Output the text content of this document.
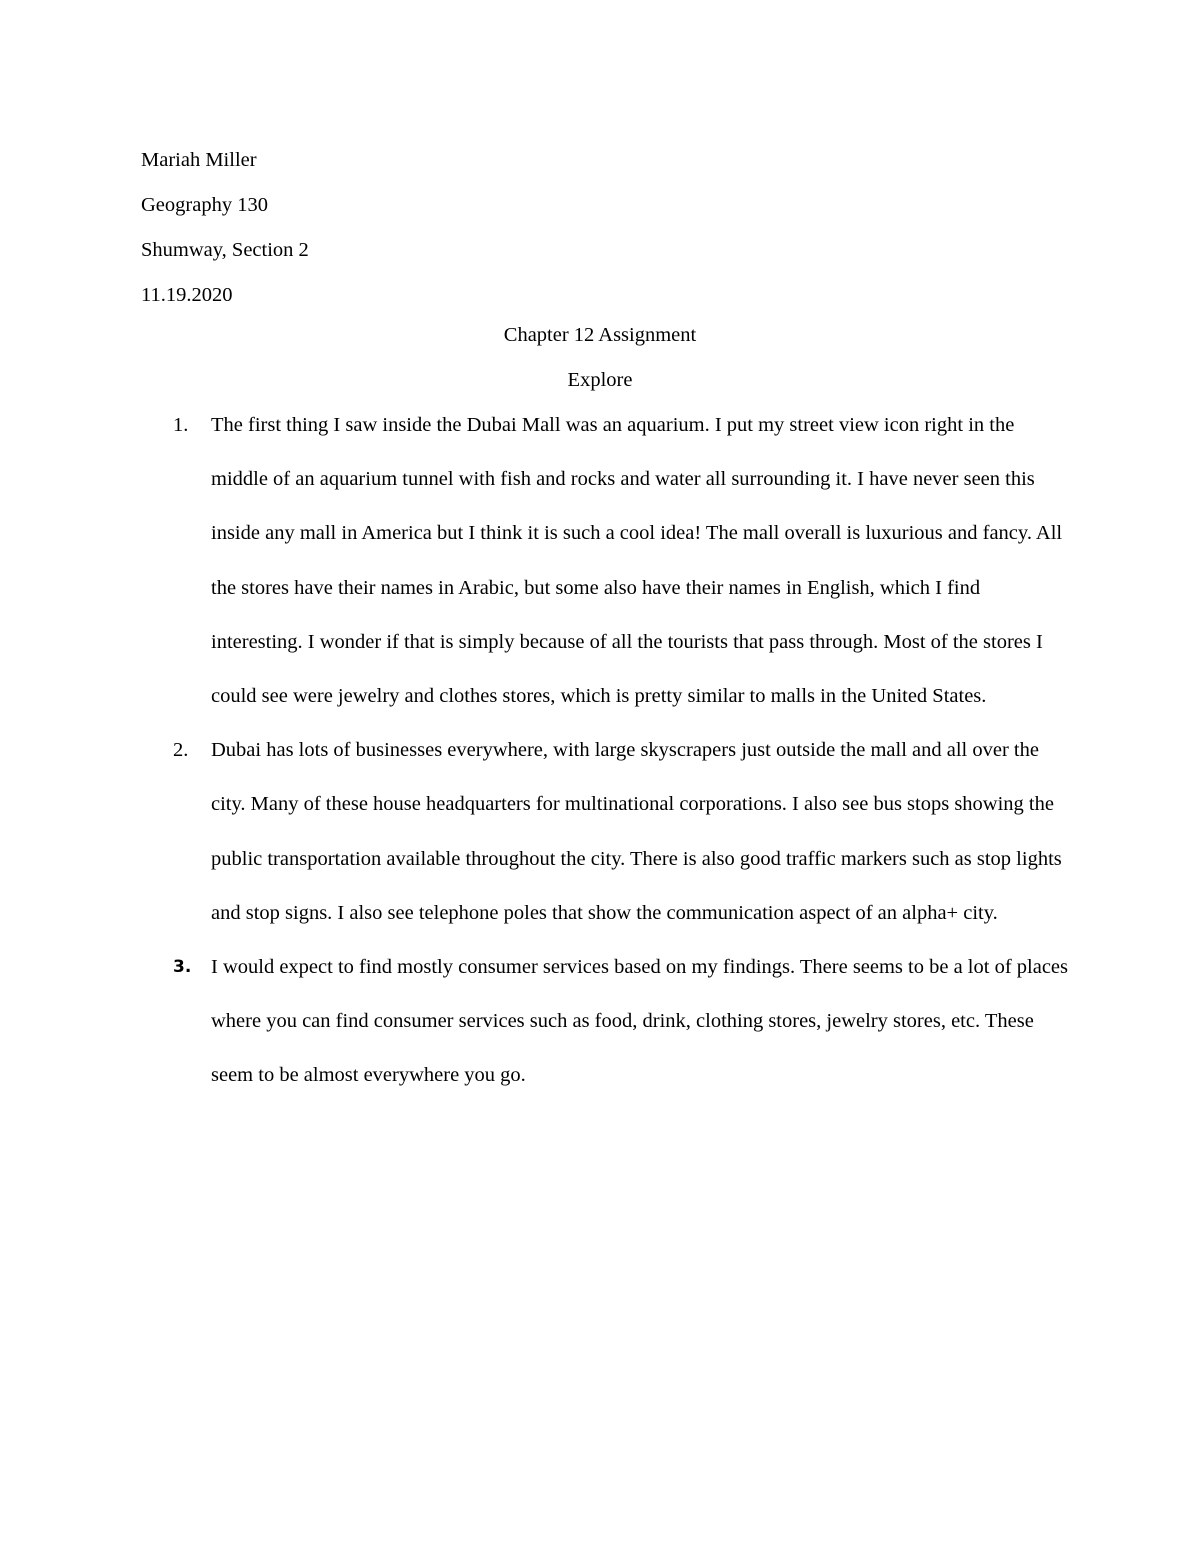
Mariah Miller
Geography 130
Shumway, Section 2
11.19.2020
Chapter 12 Assignment
Explore
1.	The first thing I saw inside the Dubai Mall was an aquarium. I put my street view icon right in the middle of an aquarium tunnel with fish and rocks and water all surrounding it. I have never seen this inside any mall in America but I think it is such a cool idea! The mall overall is luxurious and fancy. All the stores have their names in Arabic, but some also have their names in English, which I find interesting. I wonder if that is simply because of all the tourists that pass through. Most of the stores I could see were jewelry and clothes stores, which is pretty similar to malls in the United States.
2.	Dubai has lots of businesses everywhere, with large skyscrapers just outside the mall and all over the city. Many of these house headquarters for multinational corporations. I also see bus stops showing the public transportation available throughout the city. There is also good traffic markers such as stop lights and stop signs. I also see telephone poles that show the communication aspect of an alpha+ city.
3. I would expect to find mostly consumer services based on my findings. There seems to be a lot of places where you can find consumer services such as food, drink, clothing stores, jewelry stores, etc. These seem to be almost everywhere you go.
